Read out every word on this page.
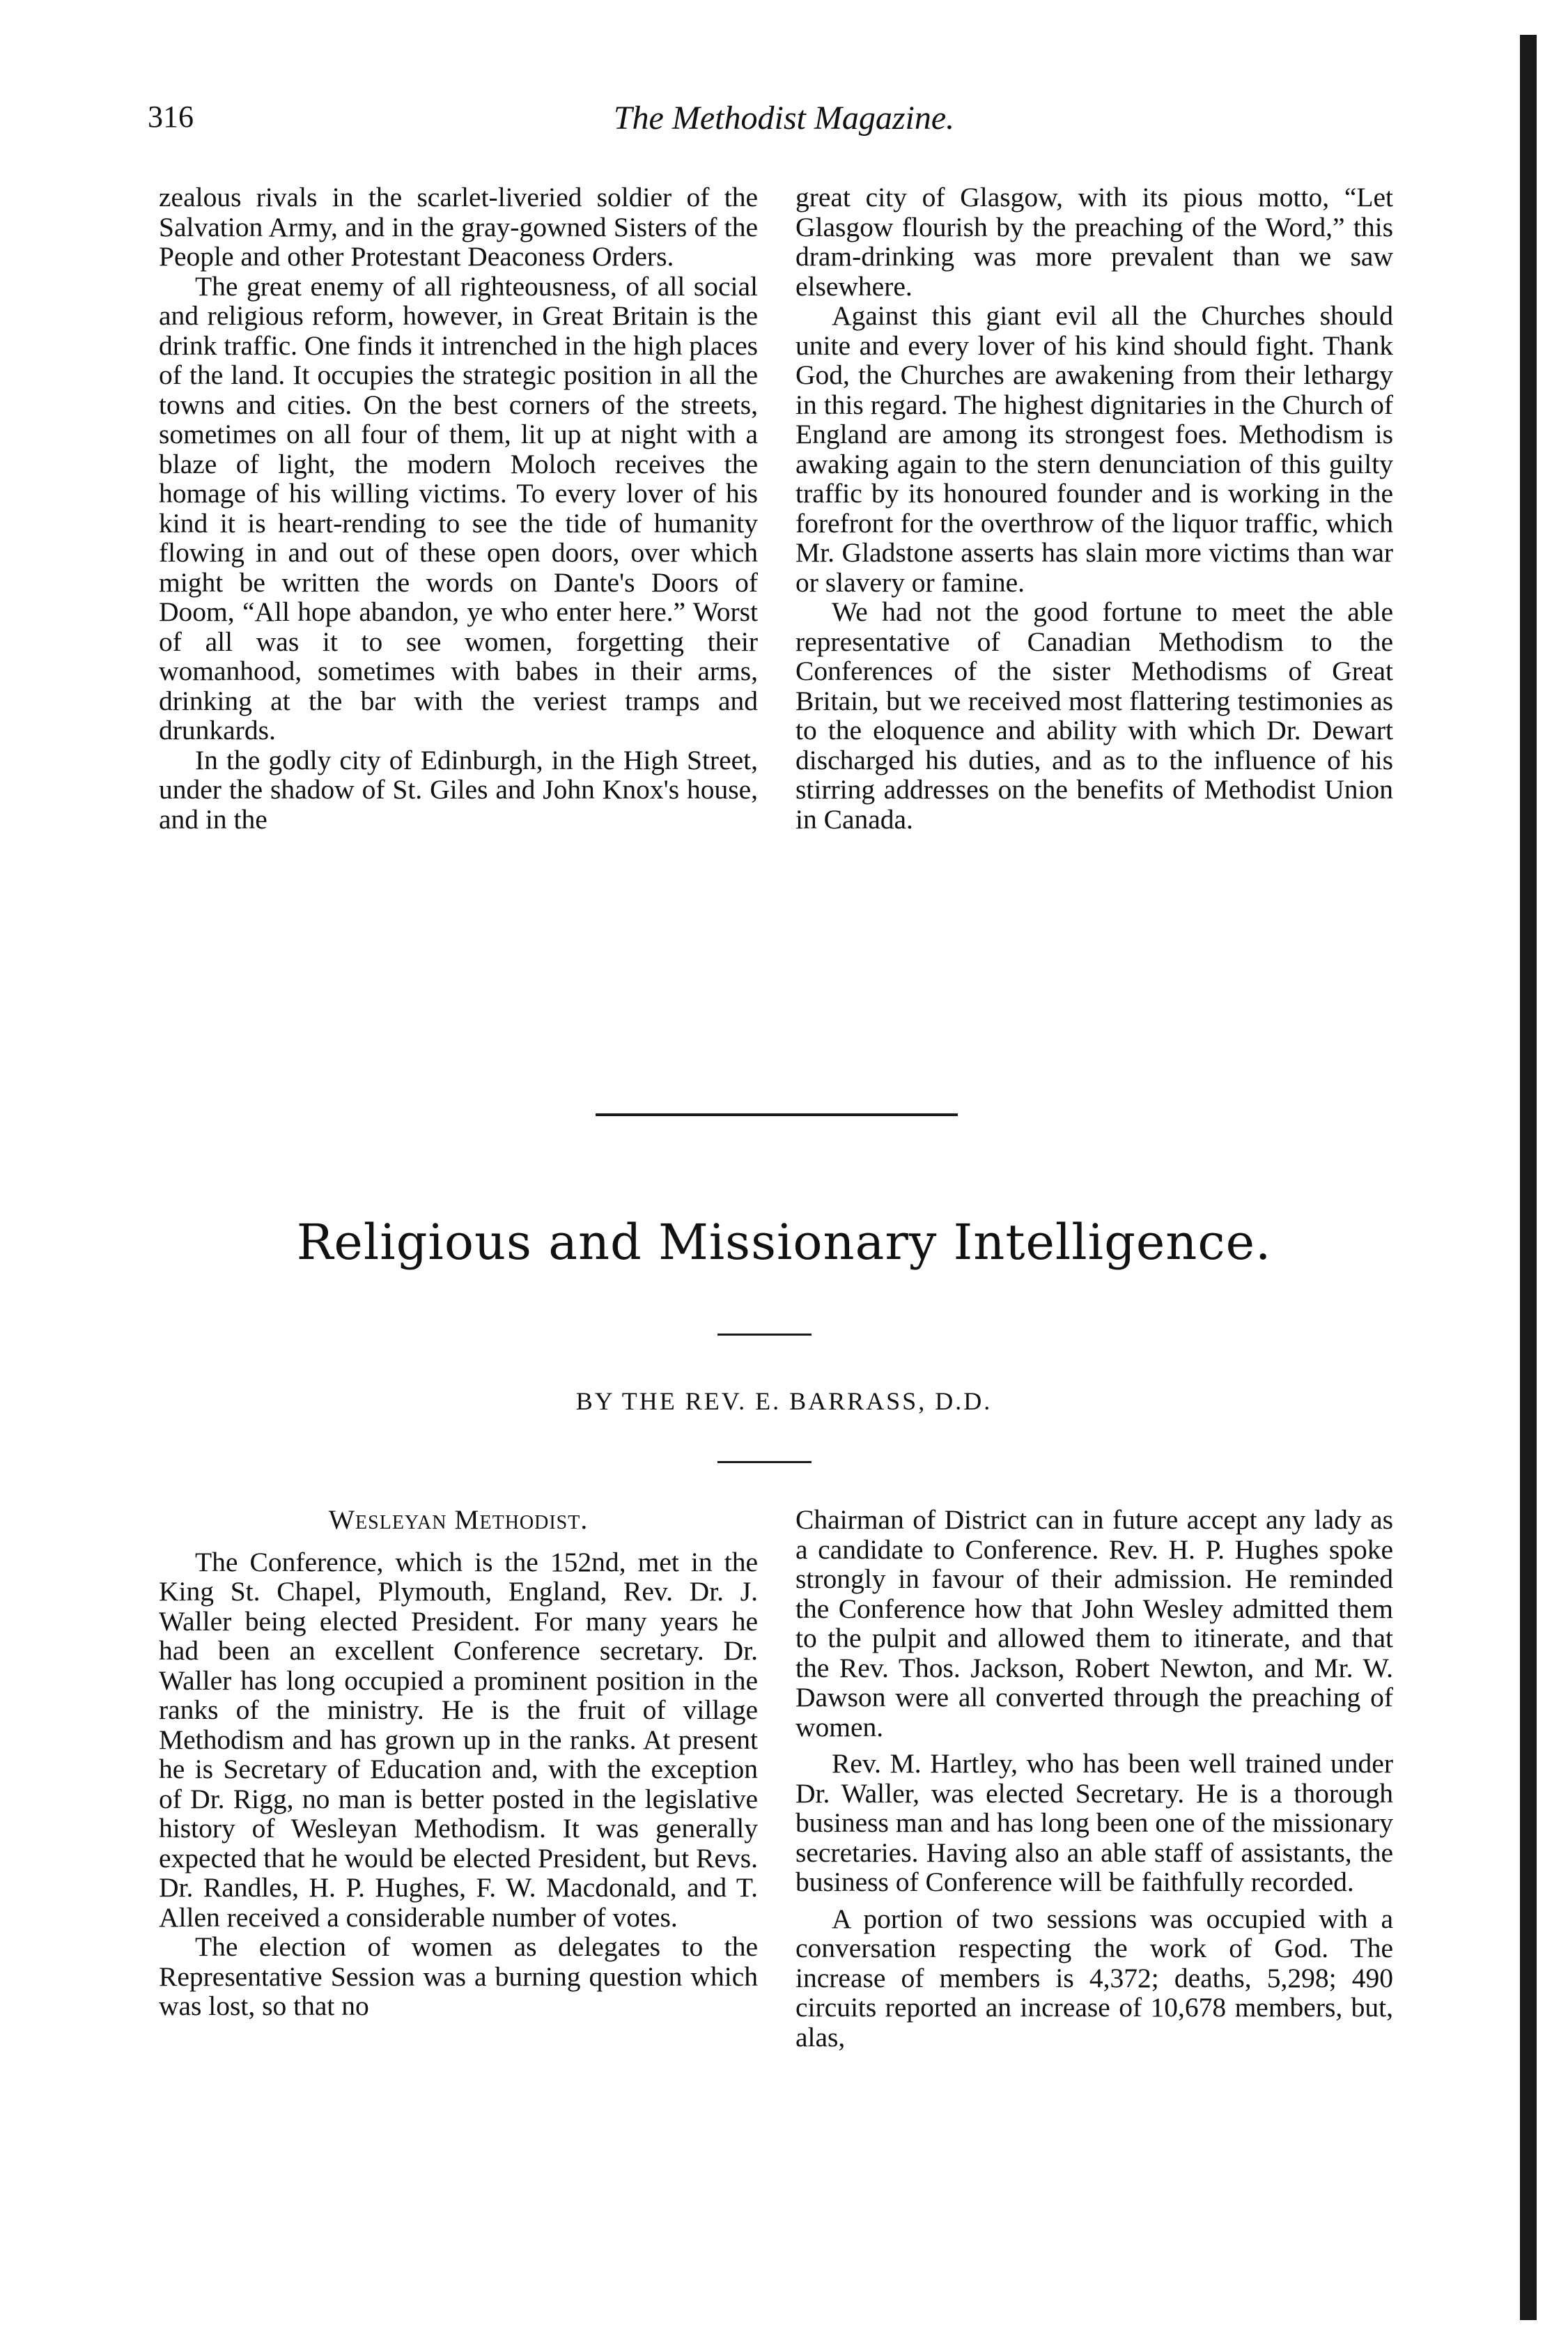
316	The Methodist Magazine.

zealous rivals in the scarlet-liveried soldier of the Salvation Army, and in the gray-gowned Sisters of the People and other Protestant Deaconess Orders.

The great enemy of all righteousness, of all social and religious reform, however, in Great Britain is the drink traffic. One finds it intrenched in the high places of the land. It occupies the strategic position in all the towns and cities. On the best corners of the streets, sometimes on all four of them, lit up at night with a blaze of light, the modern Moloch receives the homage of his willing victims. To every lover of his kind it is heart-rending to see the tide of humanity flowing in and out of these open doors, over which might be written the words on Dante's Doors of Doom, “All hope abandon, ye who enter here.” Worst of all was it to see women, forgetting their womanhood, sometimes with babes in their arms, drinking at the bar with the veriest tramps and drunkards.

In the godly city of Edinburgh, in the High Street, under the shadow of St. Giles and John Knox's house, and in the

great city of Glasgow, with its pious motto, “Let Glasgow flourish by the preaching of the Word,” this dram-drinking was more prevalent than we saw elsewhere.

Against this giant evil all the Churches should unite and every lover of his kind should fight. Thank God, the Churches are awakening from their lethargy in this regard. The highest dignitaries in the Church of England are among its strongest foes. Methodism is awaking again to the stern denunciation of this guilty traffic by its honoured founder and is working in the forefront for the overthrow of the liquor traffic, which Mr. Gladstone asserts has slain more victims than war or slavery or famine.

We had not the good fortune to meet the able representative of Canadian Methodism to the Conferences of the sister Methodisms of Great Britain, but we received most flattering testimonies as to the eloquence and ability with which Dr. Dewart discharged his duties, and as to the influence of his stirring addresses on the benefits of Methodist Union in Canada.

Religious and Missionary Intelligence.
BY THE REV. E. BARRASS, D.D.

Wesleyan Methodist.

The Conference, which is the 152nd, met in the King St. Chapel, Plymouth, England, Rev. Dr. J. Waller being elected President. For many years he had been an excellent Conference secretary. Dr. Waller has long occupied a prominent position in the ranks of the ministry. He is the fruit of village Methodism and has grown up in the ranks. At present he is Secretary of Education and, with the exception of Dr. Rigg, no man is better posted in the legislative history of Wesleyan Methodism. It was generally expected that he would be elected President, but Revs. Dr. Randles, H. P. Hughes, F. W. Macdonald, and T. Allen received a considerable number of votes.

The election of women as delegates to the Representative Session was a burning question which was lost, so that no

Chairman of District can in future accept any lady as a candidate to Conference. Rev. H. P. Hughes spoke strongly in favour of their admission. He reminded the Conference how that John Wesley admitted them to the pulpit and allowed them to itinerate, and that the Rev. Thos. Jackson, Robert Newton, and Mr. W. Dawson were all converted through the preaching of women.

Rev. M. Hartley, who has been well trained under Dr. Waller, was elected Secretary. He is a thorough business man and has long been one of the missionary secretaries. Having also an able staff of assistants, the business of Conference will be faithfully recorded.

A portion of two sessions was occupied with a conversation respecting the work of God. The increase of members is 4,372; deaths, 5,298; 490 circuits reported an increase of 10,678 members, but, alas,
